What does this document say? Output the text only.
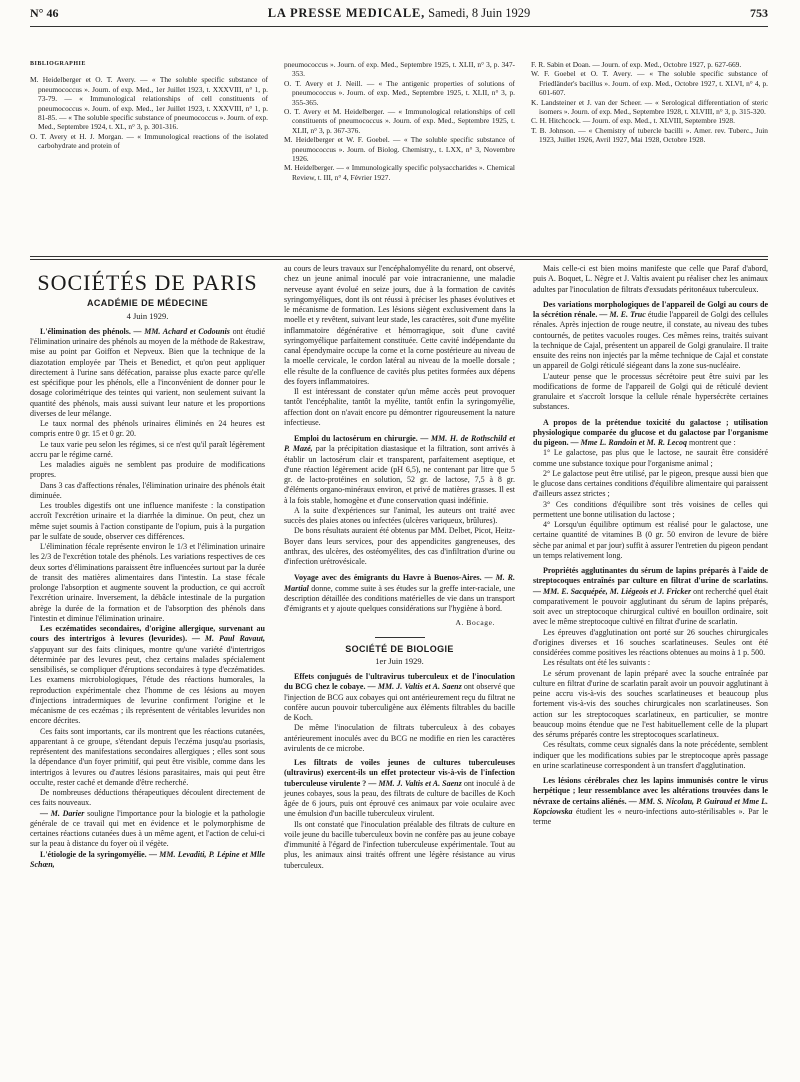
N° 46	LA PRESSE MEDICALE, Samedi, 8 Juin 1929	753
BIBLIOGRAPHIE

M. Heidelberger et O. T. Avery. — « The soluble specific substance of pneumococcus ». Journ. of exp. Med., 1er Juillet 1923, t. XXXVIII, n° 1, p. 73-79. — « Immunological relationships of cell constituents of pneumococcus ». Journ. of exp. Med., 1er Juillet 1923, t. XXXVIII, n° 1, p. 81-85. — « The soluble specific substance of pneumococcus ». Journ. of exp. Med., Septembre 1924, t. XL, n° 3, p. 301-316.

O. T. Avery et H. J. Morgan. — « Immunological reactions of the isolated carbohydrate and protein of

pneumococcus ». Journ. of exp. Med., Septembre 1925, t. XLII, n° 3, p. 347-353.

O. T. Avery et J. Neill. — « The antigenic properties of solutions of pneumococcus ». Journ. of exp. Med., Septembre 1925, t. XLII, n° 3, p. 355-365.

O. T. Avery et M. Heidelberger. — « Immunological relationships of cell constituents of pneumococcus ». Journ. of exp. Med., Septembre 1925, t. XLII, n° 3, p. 367-376.

M. Heidelberger et W. F. Goebel. — « The soluble specific substance of pneumococcus ». Journ. of Biolog. Chemistry., t. LXX, n° 3, Novembre 1926.

M. Heidelberger. — « Immunologically specific polysaccharides ». Chemical Review, t. III, n° 4, Février 1927.

F. R. Sabin et Doan. — Journ. of exp. Med., Octobre 1927, p. 627-669.

W. F. Goebel et O. T. Avery. — « The soluble specific substance of Friedländer's bacillus ». Journ. of exp. Med., Octobre 1927, t. XLVI, n° 4, p. 601-607.

K. Landsteiner et J. van der Scheer. — « Serological differentiation of steric isomers ». Journ. of exp. Med., Septembre 1928, t. XLVIII, n° 3, p. 315-320.

C. H. Hitchcock. — Journ. of exp. Med., t. XLVIII, Septembre 1928.

T. B. Johnson. — « Chemistry of tubercle bacilli ». Amer. rev. Tuberc., Juin 1923, Juillet 1926, Avril 1927, Mai 1928, Octobre 1928.

SOCIÉTÉS DE PARIS
ACADÉMIE DE MÉDECINE
4 Juin 1929.

L'élimination des phénols. — MM. Achard et Codounis ont étudié l'élimination urinaire des phénols au moyen de la méthode de Rakestraw, mise au point par Goiffon et Nepveux. Bien que la technique de la diazotation employée par Theis et Benedict, et qu'on peut appliquer directement à l'urine sans défécation, paraisse plus exacte parce qu'elle est spécifique pour les phénols, elle a l'inconvénient de donner pour le dosage colorimétrique des teintes qui varient, non seulement suivant la quantité des phénols, mais aussi suivant leur nature et les proportions diverses de leur mélange.

Le taux normal des phénols urinaires éliminés en 24 heures est compris entre 0 gr. 15 et 0 gr. 20.

Le taux varie peu selon les régimes, si ce n'est qu'il paraît légèrement accru par le régime carné.

Les maladies aiguës ne semblent pas produire de modifications propres.

Dans 3 cas d'affections rénales, l'élimination urinaire des phénols était diminuée.

Les troubles digestifs ont une influence manifeste : la constipation accroît l'excrétion urinaire et la diarrhée la diminue. On peut, chez un même sujet soumis à l'action constipante de l'opium, puis à la purgation par le sulfate de soude, observer ces différences.

L'élimination fécale représente environ le 1/3 et l'élimination urinaire les 2/3 de l'excrétion totale des phénols. Les variations respectives de ces deux sortes d'éliminations paraissent être influencées surtout par la durée de transit des matières alimentaires dans l'intestin. La stase fécale prolonge l'absorption et augmente souvent la production, ce qui accroît l'excrétion urinaire. Inversement, la débâcle intestinale de la purgation abrège la durée de la formation et de l'absorption des phénols dans l'intestin et diminue l'élimination urinaire.

Les eczématides secondaires, d'origine allergique, survenant au cours des intertrigos à levures (levurides). — M. Paul Ravaut, s'appuyant sur des faits cliniques, montre qu'une variété d'intertrigos déterminée par des levures peut, chez certains malades spécialement sensibilisés, se compliquer d'éruptions secondaires à type d'eczématides. Les examens microbiologiques, l'étude des réactions humorales, la reproduction expérimentale chez l'homme de ces lésions au moyen d'injections intradermiques de levurine confirment l'origine et le mécanisme de ces eczémas ; ils représentent de véritables levurides non encore décrites.

Ces faits sont importants, car ils montrent que les réactions cutanées, apparentant à ce groupe, s'étendant depuis l'eczéma jusqu'au psoriasis, représentent des manifestations secondaires allergiques ; elles sont sous la dépendance d'un foyer primitif, qui peut être visible, comme dans les intertrigos à levures ou d'autres lésions parasitaires, mais qui peut être occulte, rester caché et demande d'être recherché.

De nombreuses déductions thérapeutiques découlent directement de ces faits nouveaux.

— M. Darier souligne l'importance pour la biologie et la pathologie générale de ce travail qui met en évidence et le polymorphisme de certaines réactions cutanées dues à un même agent, et l'action de celui-ci sur la peau à distance du foyer où il végète.

L'étiologie de la syringomyélie. — MM. Levaditi, P. Lépine et Mlle Schœn,

au cours de leurs travaux sur l'encéphalomyélite du renard, ont observé, chez un jeune animal inoculé par voie intracranienne, une maladie nerveuse ayant évolué en seize jours, due à la formation de cavités syringomyéliques, dont ils ont réussi à préciser les phases évolutives et le mécanisme de formation. Les lésions siègent exclusivement dans la moelle et y revêtent, suivant leur stade, les caractères, soit d'une myélite inflammatoire dégénérative et hémorragique, soit d'une cavité syringomyélique parfaitement constituée. Cette cavité indépendante du canal épendymaire occupe la corne et la corne postérieure au niveau de la moelle cervicale, le cordon latéral au niveau de la moelle dorsale ; elle résulte de la confluence de cavités plus petites formées aux dépens des foyers inflammatoires.

Il est intéressant de constater qu'un même accès peut provoquer tantôt l'encéphalite, tantôt la myélite, tantôt enfin la syringomyélie, affection dont on n'avait encore pu démontrer rigoureusement la nature infectieuse.

Emploi du lactosérum en chirurgie. — MM. H. de Rothschild et P. Mazé, par la précipitation diastasique et la filtration, sont arrivés à établir un lactosérum clair et transparent, parfaitement aseptique, et d'une réaction légèrement acide (pH 6,5), ne contenant par litre que 5 gr. de lacto-protéines en solution, 52 gr. de lactose, 7,5 à 8 gr. d'éléments organo-minéraux environ, et privé de matières grasses. Il est à la fois stable, homogène et d'une conservation quasi indéfinie.

A la suite d'expériences sur l'animal, les auteurs ont traité avec succès des plaies atones ou infectées (ulcères variqueux, brûlures).

De bons résultats auraient été obtenus par MM. Delbet, Picot, Heitz-Boyer dans leurs services, pour des appendicites gangreneuses, des anthrax, des ulcères, des ostéomyélites, des cas d'infiltration d'urine ou d'infection urétrovésicale.

Voyage avec des émigrants du Havre à Buenos-Aires. — M. R. Martial donne, comme suite à ses études sur la greffe inter-raciale, une description détaillée des conditions matérielles de vie dans un transport d'émigrants et y ajoute quelques considérations sur l'hygiène à bord.

A. Bocage.
SOCIÉTÉ DE BIOLOGIE
1er Juin 1929.

Effets conjugués de l'ultravirus tuberculeux et de l'inoculation du BCG chez le cobaye. — MM. J. Valtis et A. Saenz ont observé que l'injection de BCG aux cobayes qui ont antérieurement reçu du filtrat ne confère aucun pouvoir tuberculigène aux éléments filtrables du bacille de Koch.

De même l'inoculation de filtrats tuberculeux à des cobayes antérieurement inoculés avec du BCG ne modifie en rien les caractères avirulents de ce microbe.

Les filtrats de voiles jeunes de cultures tuberculeuses (ultravirus) exercent-ils un effet protecteur vis-à-vis de l'infection tuberculeuse virulente ? — MM. J. Valtis et A. Saenz ont inoculé à de jeunes cobayes, sous la peau, des filtrats de culture de bacilles de Koch âgée de 6 jours, puis ont éprouvé ces animaux par voie oculaire avec une émulsion d'un bacille tuberculeux virulent.

Ils ont constaté que l'inoculation préalable des filtrats de culture en voile jeune du bacille tuberculeux bovin ne confère pas au jeune cobaye d'immunité à l'égard de l'infection tuberculeuse expérimentale. Tout au plus, les animaux ainsi traités offrent une légère résistance au virus tuberculeux.

Mais celle-ci est bien moins manifeste que celle que Paraf d'abord, puis A. Boquet, L. Nègre et J. Valtis avaient pu réaliser chez les animaux adultes par l'inoculation de filtrats d'exsudats péritonéaux tuberculeux.

Des variations morphologiques de l'appareil de Golgi au cours de la sécrétion rénale. — M. E. Truc étudie l'appareil de Golgi des cellules rénales. Après injection de rouge neutre, il constate, au niveau des tubes contournés, de petites vacuoles rouges. Ces mêmes reins, traités suivant la technique de Cajal, présentent un appareil de Golgi granulaire. Il traite ensuite des reins non injectés par la même technique de Cajal et constate un appareil de Golgi réticulé siégeant dans la zone sus-nucléaire.

L'auteur pense que le processus sécrétoire peut être suivi par les modifications de forme de l'appareil de Golgi qui de réticulé devient granulaire et s'accroît lorsque la cellule rénale hypersécrète certaines substances.

A propos de la prétendue toxicité du galactose ; utilisation physiologique comparée du glucose et du galactose par l'organisme du pigeon. — Mme L. Randoin et M. R. Lecoq montrent que :

1° Le galactose, pas plus que le lactose, ne saurait être considéré comme une substance toxique pour l'organisme animal ;

2° Le galactose peut être utilisé, par le pigeon, presque aussi bien que le glucose dans certaines conditions d'équilibre alimentaire qui paraissent d'ailleurs assez strictes ;

3° Ces conditions d'équilibre sont très voisines de celles qui permettent une bonne utilisation du lactose ;

4° Lorsqu'un équilibre optimum est réalisé pour le galactose, une certaine quantité de vitamines B (0 gr. 50 environ de levure de bière sèche par animal et par jour) suffit à assurer l'entretien du pigeon pendant un temps relativement long.

Propriétés agglutinantes du sérum de lapins préparés à l'aide de streptocoques entraînés par culture en filtrat d'urine de scarlatins. — MM. E. Sacquépée, M. Liégeois et J. Fricker ont recherché quel était comparativement le pouvoir agglutinant du sérum de lapins préparés, soit avec un streptocoque chirurgical cultivé en bouillon ordinaire, soit avec le même streptocoque cultivé en filtrat d'urine de scarlatin.

Les épreuves d'agglutination ont porté sur 26 souches chirurgicales d'origines diverses et 16 souches scarlatineuses. Seules ont été considérées comme positives les réactions obtenues au moins à 1 p. 500.

Les résultats ont été les suivants :

Le sérum provenant de lapin préparé avec la souche entraînée par culture en filtrat d'urine de scarlatin paraît avoir un pouvoir agglutinant à peine accru vis-à-vis des souches scarlatineuses et beaucoup plus fortement vis-à-vis des souches chirurgicales non scarlatineuses. Son action sur les streptocoques scarlatineux, en particulier, se montre beaucoup moins étendue que ne l'est habituellement celle de la plupart des sérums préparés contre les streptocoques scarlatineux.

Ces résultats, comme ceux signalés dans la note précédente, semblent indiquer que les modifications subies par le streptocoque après passage en urine scarlatineuse correspondent à un transfert d'agglutination.

Les lésions cérébrales chez les lapins immunisés contre le virus herpétique ; leur ressemblance avec les altérations trouvées dans le névraxe de certains aliénés. — MM. S. Nicolau, P. Guiraud et Mme L. Kopciowska étudient les « neuro-infections auto-stérilisables ». Par le terme
